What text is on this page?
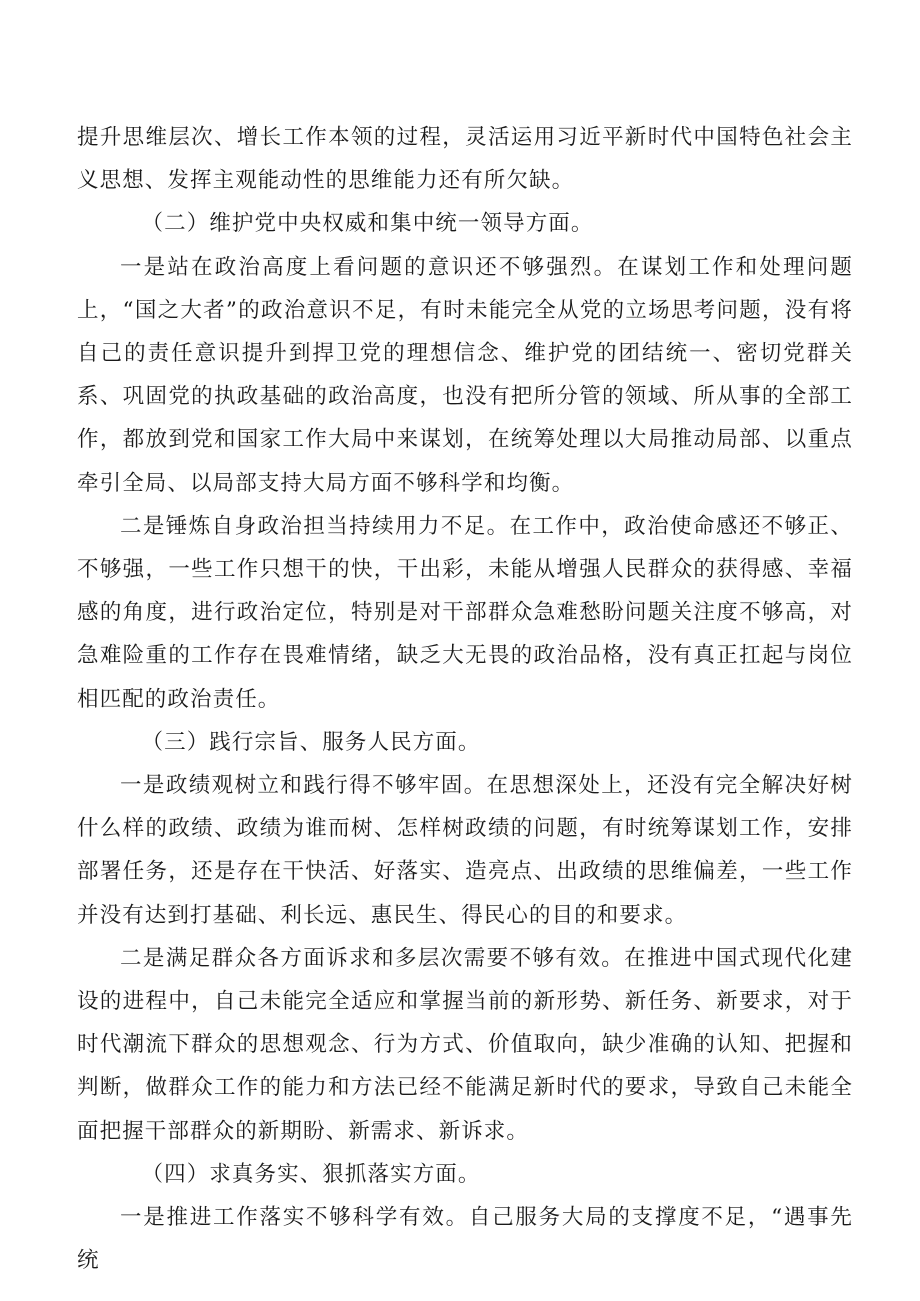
提升思维层次、增长工作本领的过程，灵活运用习近平新时代中国特色社会主义思想、发挥主观能动性的思维能力还有所欠缺。

（二）维护党中央权威和集中统一领导方面。

一是站在政治高度上看问题的意识还不够强烈。在谋划工作和处理问题上，“国之大者”的政治意识不足，有时未能完全从党的立场思考问题，没有将自己的责任意识提升到捍卫党的理想信念、维护党的团结统一、密切党群关系、巩固党的执政基础的政治高度，也没有把所分管的领域、所从事的全部工作，都放到党和国家工作大局中来谋划，在统筹处理以大局推动局部、以重点牵引全局、以局部支持大局方面不够科学和均衡。

二是锤炼自身政治担当持续用力不足。在工作中，政治使命感还不够正、不够强，一些工作只想干的快，干出彩，未能从增强人民群众的获得感、幸福感的角度，进行政治定位，特别是对干部群众急难愁盼问题关注度不够高，对急难险重的工作存在畏难情绪，缺乏大无畏的政治品格，没有真正扛起与岗位相匹配的政治责任。

（三）践行宗旨、服务人民方面。

一是政绩观树立和践行得不够牢固。在思想深处上，还没有完全解决好树什么样的政绩、政绩为谁而树、怎样树政绩的问题，有时统筹谋划工作，安排部署任务，还是存在干快活、好落实、造亮点、出政绩的思维偏差，一些工作并没有达到打基础、利长远、惠民生、得民心的目的和要求。

二是满足群众各方面诉求和多层次需要不够有效。在推进中国式现代化建设的进程中，自己未能完全适应和掌握当前的新形势、新任务、新要求，对于时代潮流下群众的思想观念、行为方式、价值取向，缺少准确的认知、把握和判断，做群众工作的能力和方法已经不能满足新时代的要求，导致自己未能全面把握干部群众的新期盼、新需求、新诉求。

（四）求真务实、狠抓落实方面。

一是推进工作落实不够科学有效。自己服务大局的支撑度不足，“遇事先统
